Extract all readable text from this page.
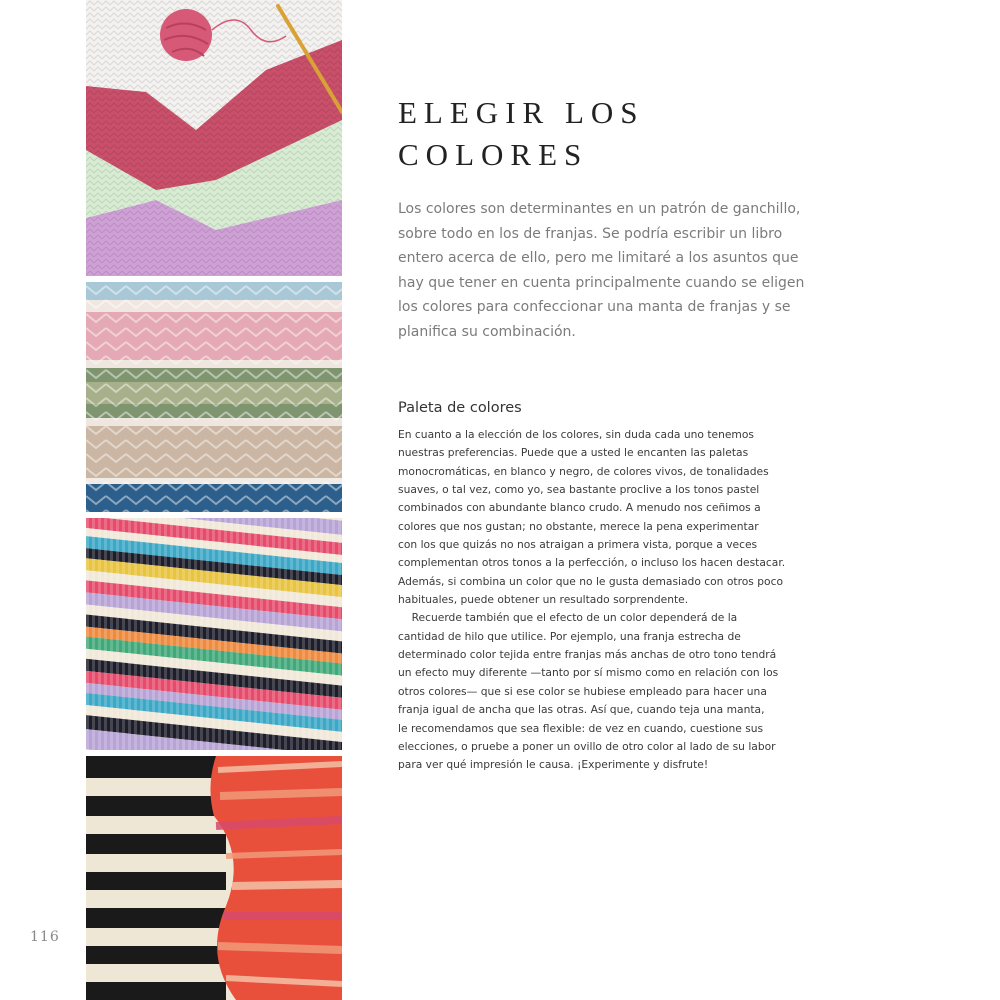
116
ELEGIR LOS
COLORES

Los colores son determinantes en un patrón de ganchillo,
sobre todo en los de franjas. Se podría escribir un libro
entero acerca de ello, pero me limitaré a los asuntos que
hay que tener en cuenta principalmente cuando se eligen
los colores para confeccionar una manta de franjas y se
planifica su combinación.

Paleta de colores
En cuanto a la elección de los colores, sin duda cada uno tenemos
nuestras preferencias. Puede que a usted le encanten las paletas
monocromáticas, en blanco y negro, de colores vivos, de tonalidades
suaves, o tal vez, como yo, sea bastante proclive a los tonos pastel
combinados con abundante blanco crudo. A menudo nos ceñimos a
colores que nos gustan; no obstante, merece la pena experimentar
con los que quizás no nos atraigan a primera vista, porque a veces
complementan otros tonos a la perfección, o incluso los hacen destacar.
Además, si combina un color que no le gusta demasiado con otros poco
habituales, puede obtener un resultado sorprendente.
Recuerde también que el efecto de un color dependerá de la
cantidad de hilo que utilice. Por ejemplo, una franja estrecha de
determinado color tejida entre franjas más anchas de otro tono tendrá
un efecto muy diferente —tanto por sí mismo como en relación con los
otros colores— que si ese color se hubiese empleado para hacer una
franja igual de ancha que las otras. Así que, cuando teja una manta,
le recomendamos que sea flexible: de vez en cuando, cuestione sus
elecciones, o pruebe a poner un ovillo de otro color al lado de su labor
para ver qué impresión le causa. ¡Experimente y disfrute!
